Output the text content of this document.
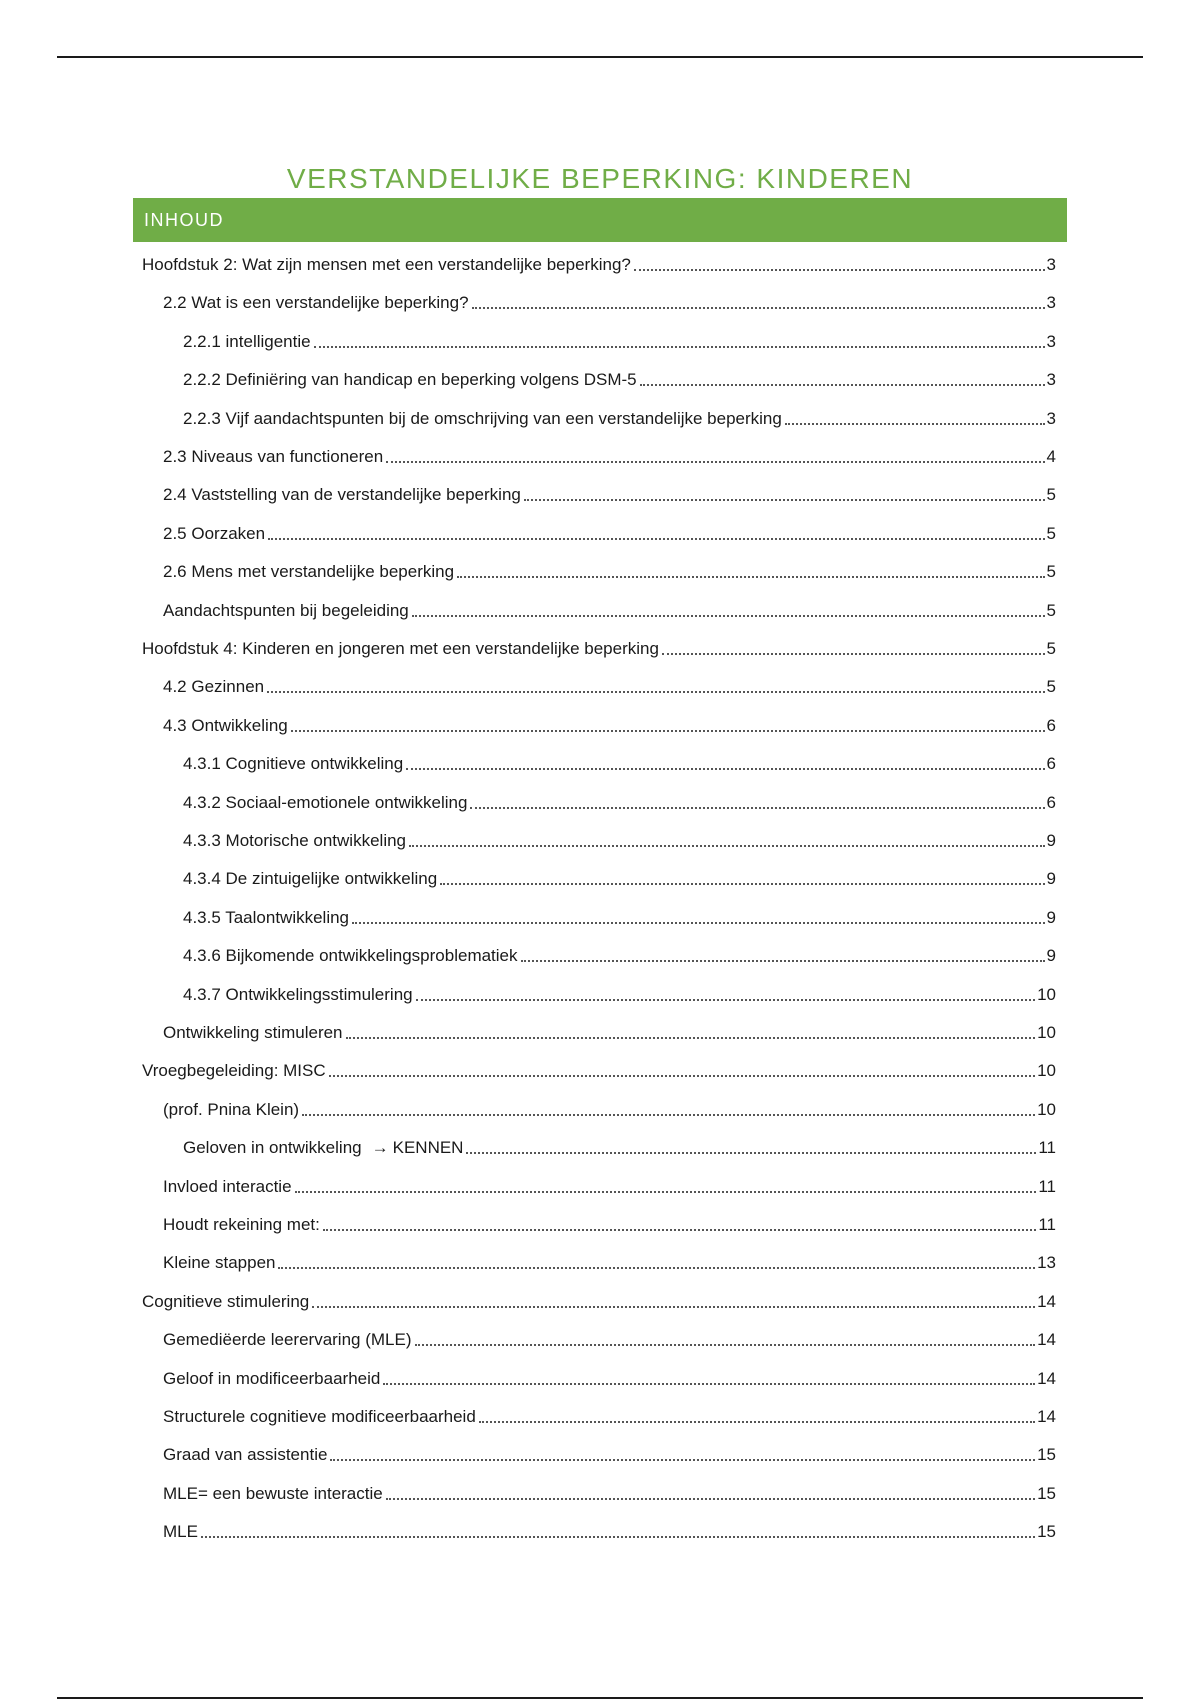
VERSTANDELIJKE BEPERKING: KINDEREN
INHOUD
Hoofdstuk 2: Wat zijn mensen met een verstandelijke beperking?	3
2.2 Wat is een verstandelijke beperking?	3
2.2.1 intelligentie	3
2.2.2 Definiëring van handicap en beperking volgens DSM-5	3
2.2.3 Vijf aandachtspunten bij de omschrijving van een verstandelijke beperking	3
2.3 Niveaus van functioneren	4
2.4 Vaststelling van de verstandelijke beperking	5
2.5 Oorzaken	5
2.6 Mens met verstandelijke beperking	5
Aandachtspunten bij begeleiding	5
Hoofdstuk 4: Kinderen en jongeren met een verstandelijke beperking	5
4.2 Gezinnen	5
4.3 Ontwikkeling	6
4.3.1 Cognitieve ontwikkeling	6
4.3.2 Sociaal-emotionele ontwikkeling	6
4.3.3 Motorische ontwikkeling	9
4.3.4 De zintuigelijke ontwikkeling	9
4.3.5 Taalontwikkeling	9
4.3.6 Bijkomende ontwikkelingsproblematiek	9
4.3.7 Ontwikkelingsstimulering	10
Ontwikkeling stimuleren	10
Vroegbegeleiding: MISC	10
(prof. Pnina Klein)	10
Geloven in ontwikkeling → KENNEN	11
Invloed interactie	11
Houdt rekeining met:	11
Kleine stappen	13
Cognitieve stimulering	14
Gemediëerde leerervaring (MLE)	14
Geloof in modificeerbaarheid	14
Structurele cognitieve modificeerbaarheid	14
Graad van assistentie	15
MLE= een bewuste interactie	15
MLE	15
